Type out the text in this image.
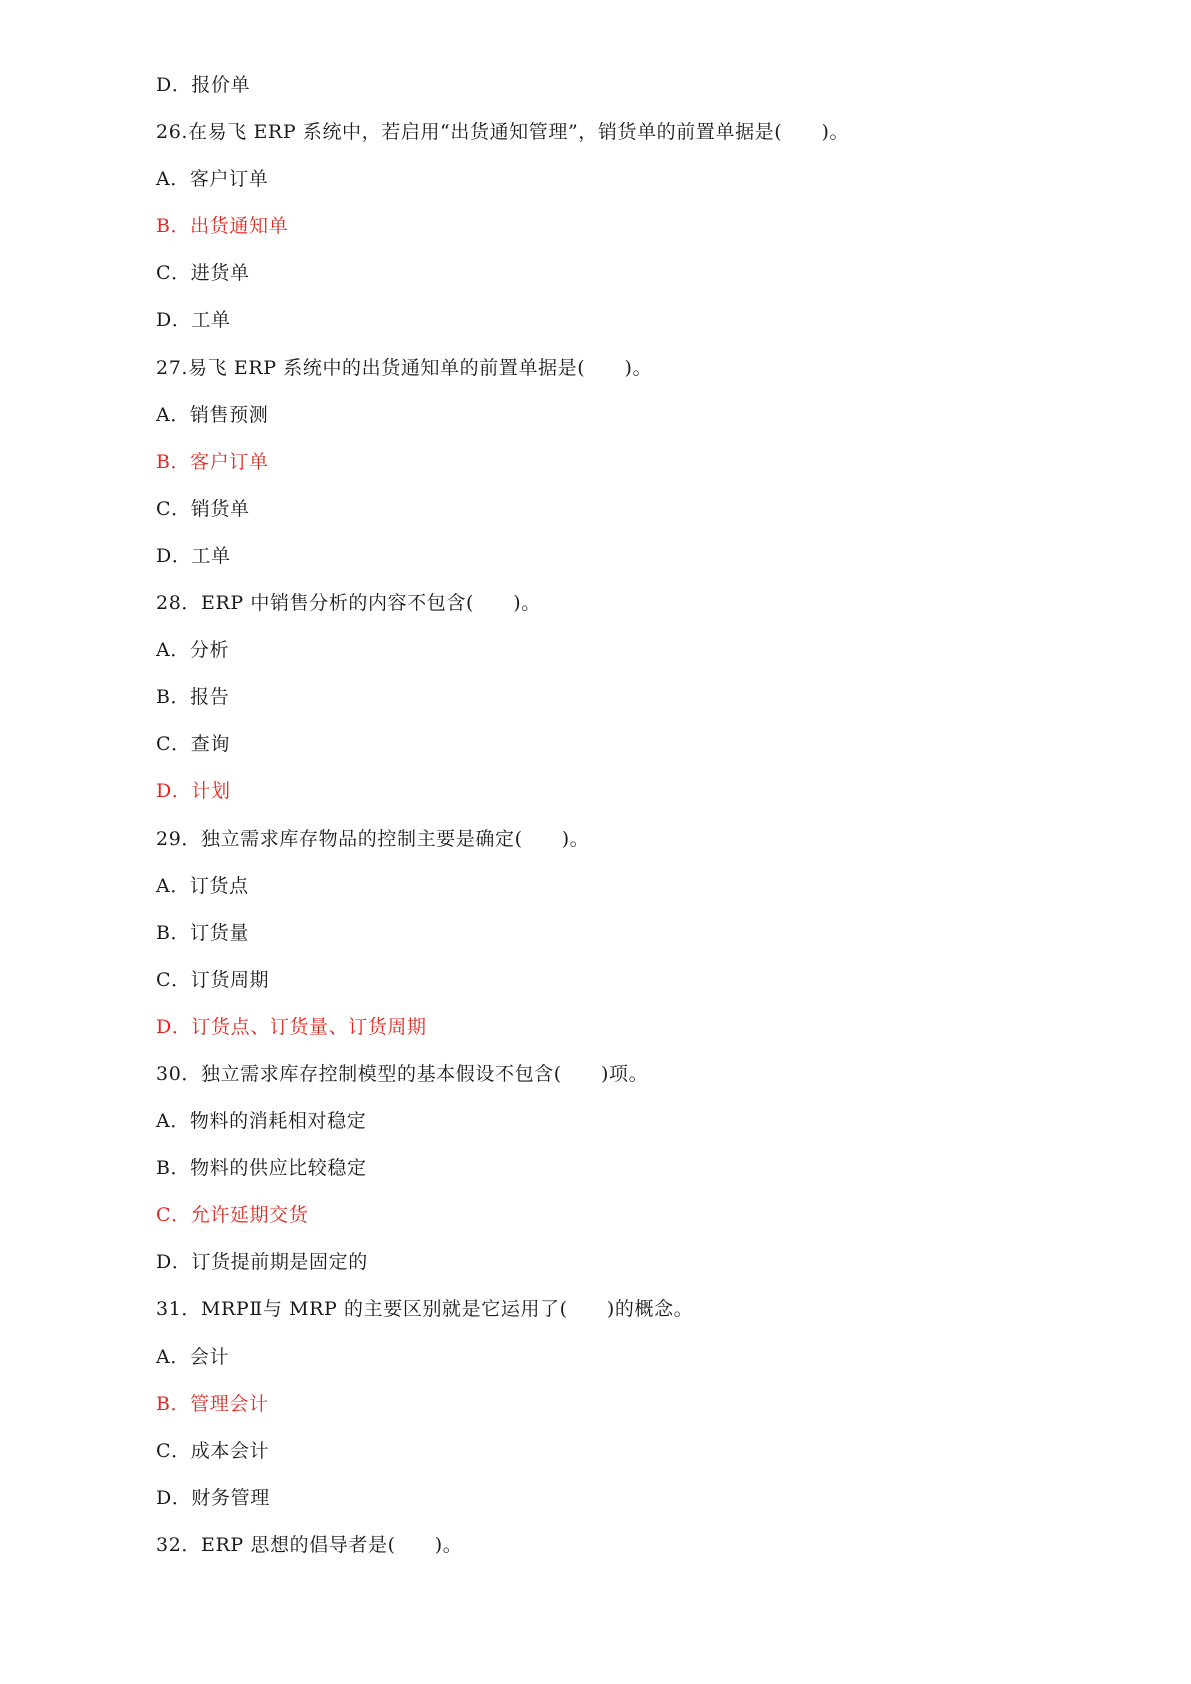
D．报价单
26.在易飞 ERP 系统中，若启用“出货通知管理”，销货单的前置单据是(　　)。
A．客户订单
B．出货通知单
C．进货单
D．工单
27.易飞 ERP 系统中的出货通知单的前置单据是(　　)。
A．销售预测
B．客户订单
C．销货单
D．工单
28．ERP 中销售分析的内容不包含(　　)。
A．分析
B．报告
C．查询
D．计划
29．独立需求库存物品的控制主要是确定(　　)。
A．订货点
B．订货量
C．订货周期
D．订货点、订货量、订货周期
30．独立需求库存控制模型的基本假设不包含(　　)项。
A．物料的消耗相对稳定
B．物料的供应比较稳定
C．允许延期交货
D．订货提前期是固定的
31．MRPⅡ与 MRP 的主要区别就是它运用了(　　)的概念。
A．会计
B．管理会计
C．成本会计
D．财务管理
32．ERP 思想的倡导者是(　　)。
